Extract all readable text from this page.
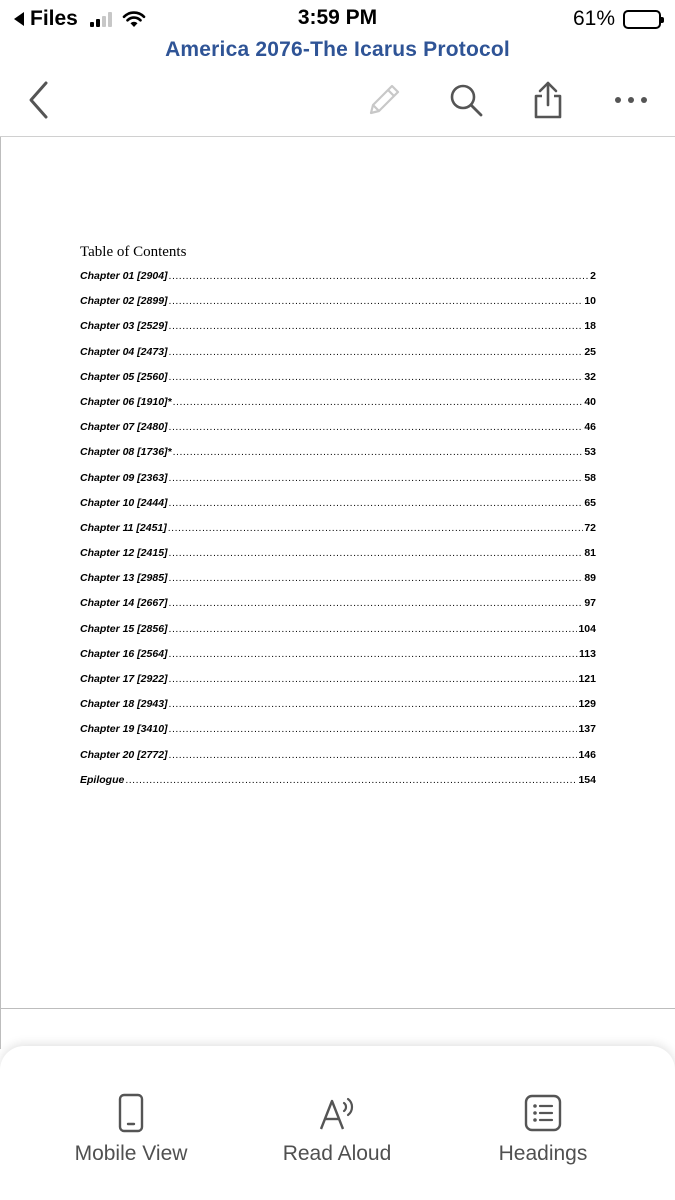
Files	3:59 PM	61%
America 2076-The Icarus Protocol
Table of Contents
Chapter 01 [2904] .....	2
Chapter 02 [2899] .....	10
Chapter 03 [2529] .....	18
Chapter 04 [2473] .....	25
Chapter 05 [2560] .....	32
Chapter 06 [1910]* .....	40
Chapter 07 [2480] .....	46
Chapter 08 [1736]* .....	53
Chapter 09 [2363] .....	58
Chapter 10 [2444] .....	65
Chapter 11 [2451] .....	72
Chapter 12 [2415] .....	81
Chapter 13 [2985] .....	89
Chapter 14 [2667] .....	97
Chapter 15 [2856] .....	104
Chapter 16 [2564] .....	113
Chapter 17 [2922] .....	121
Chapter 18 [2943] .....	129
Chapter 19 [3410] .....	137
Chapter 20 [2772] .....	146
Epilogue .....	154
Mobile View	Read Aloud	Headings
